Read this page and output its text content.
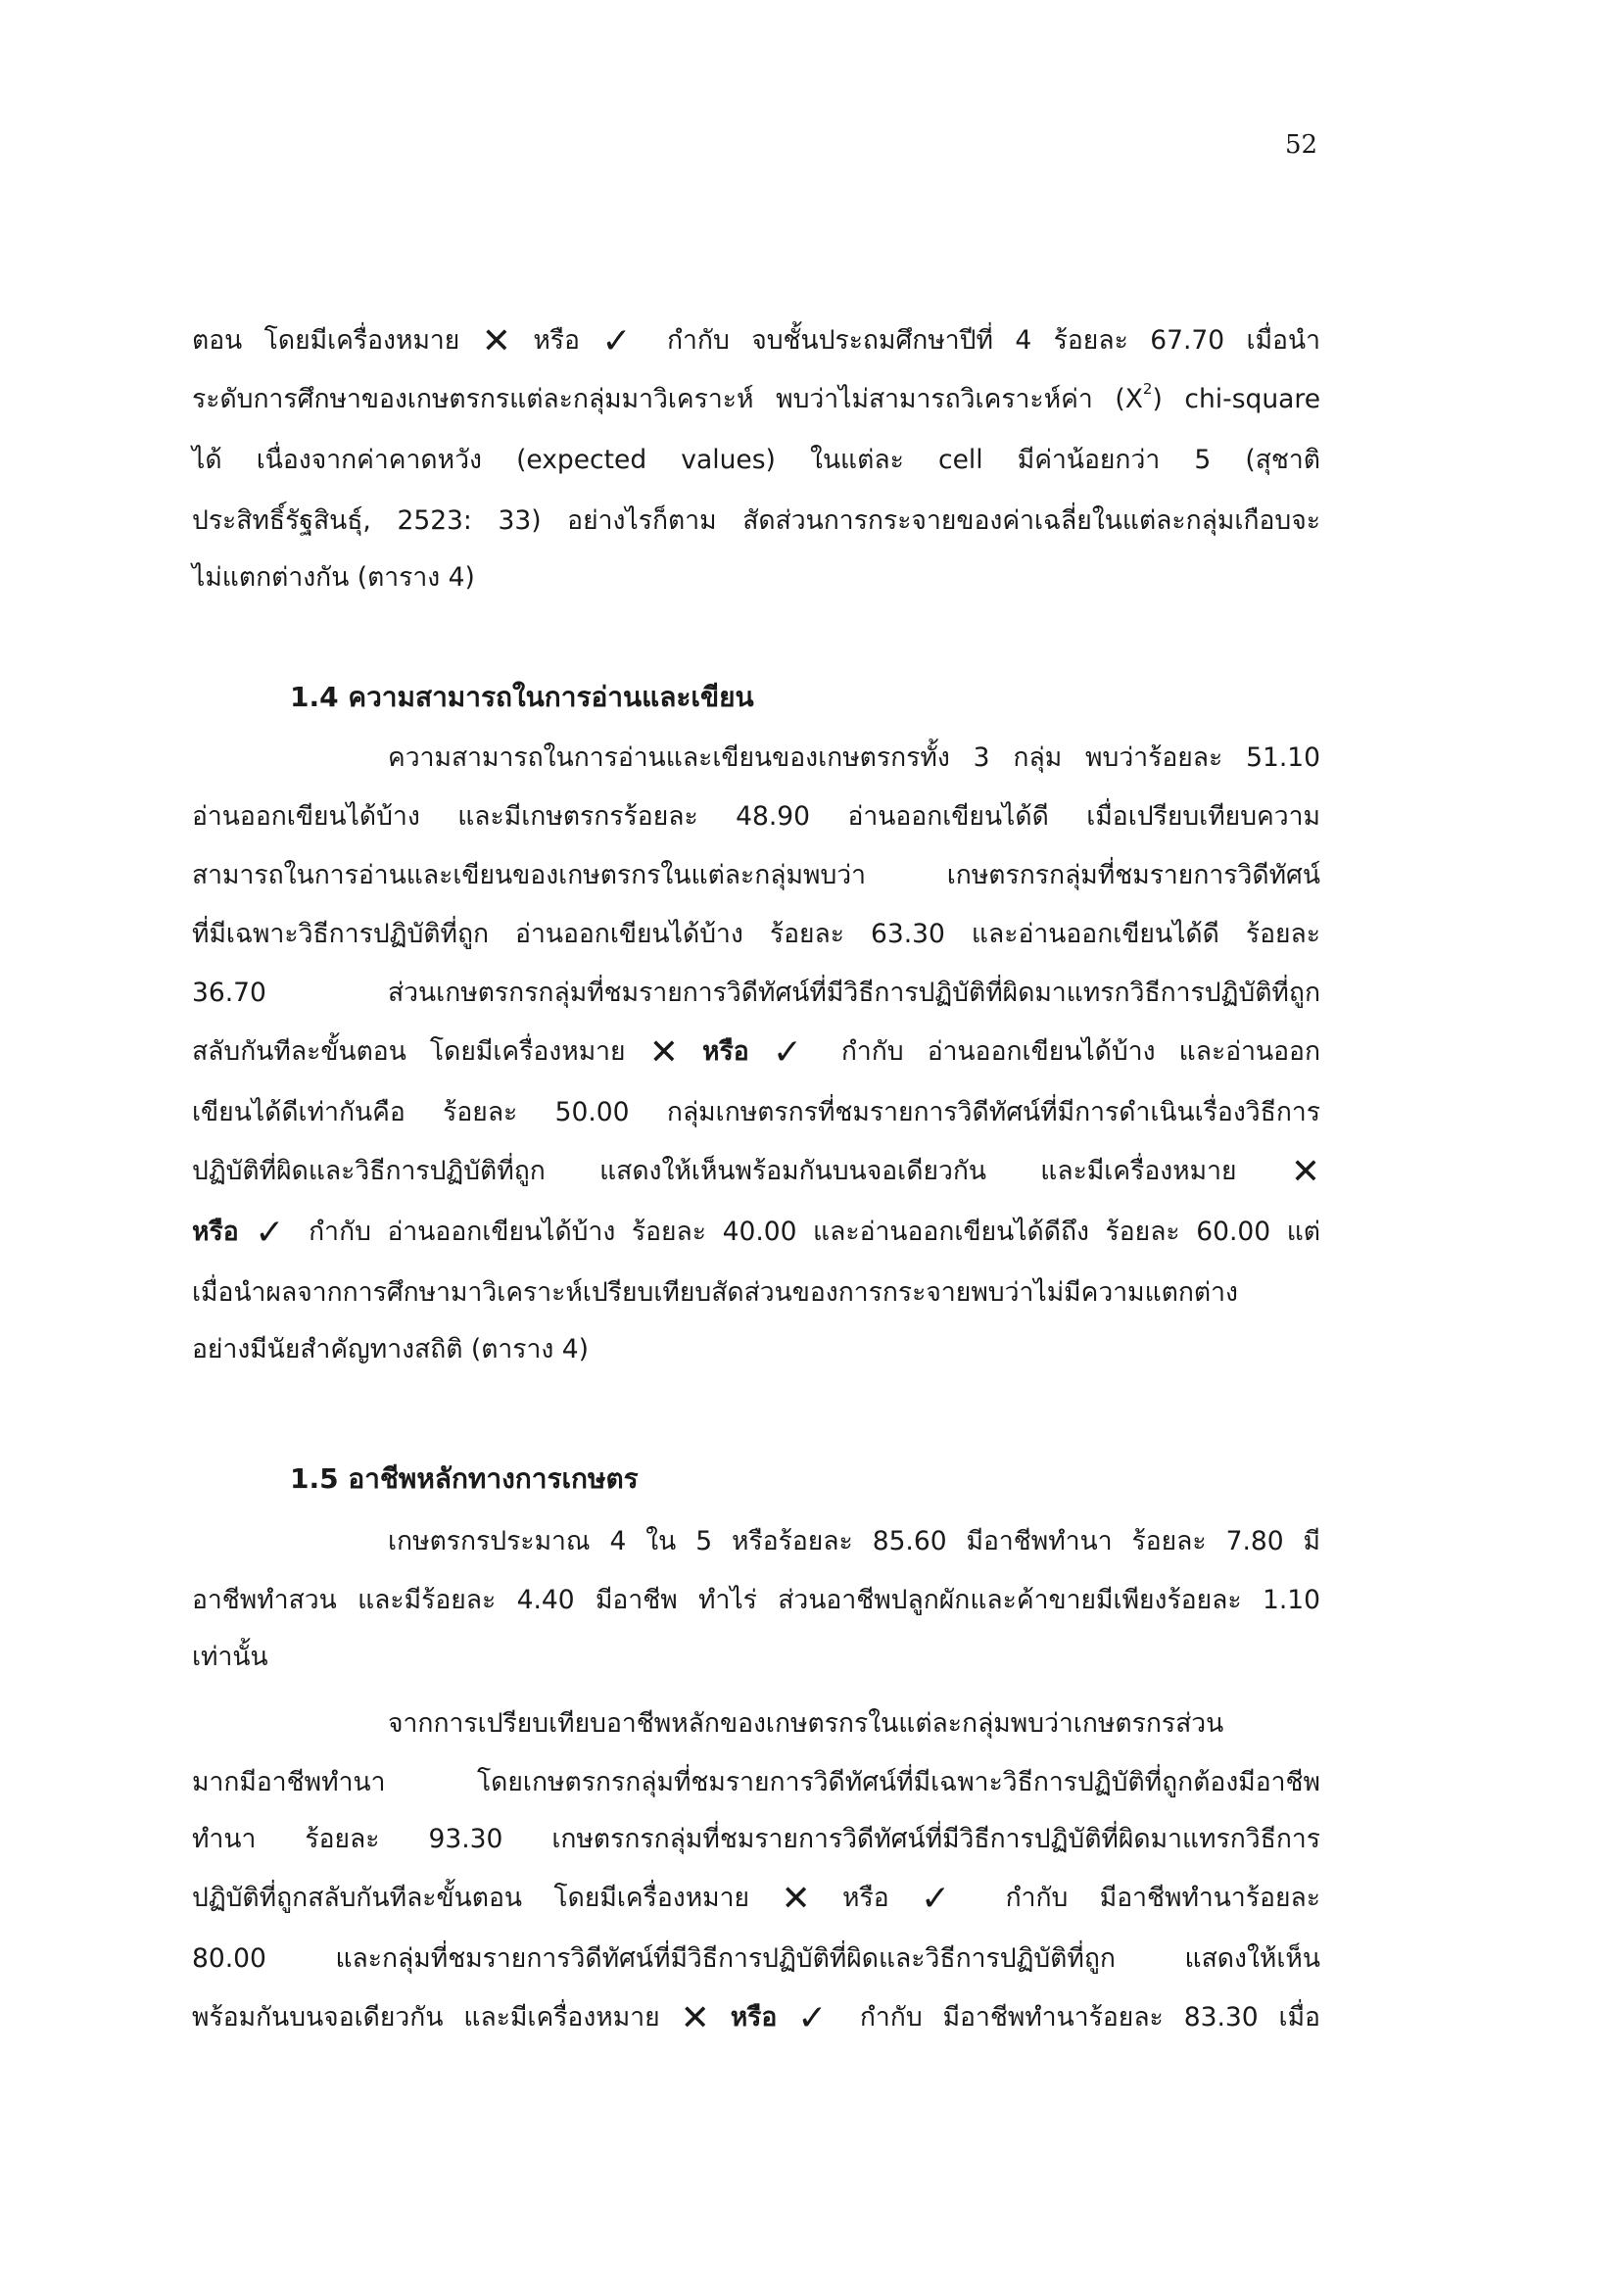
52
ตอน โดยมีเครื่องหมาย ✕ หรือ ✓ กำกับ จบชั้นประถมศึกษาปีที่ 4 ร้อยละ 67.70 เมื่อนำ
ระดับการศึกษาของเกษตรกรแต่ละกลุ่มมาวิเคราะห์ พบว่าไม่สามารถวิเคราะห์ค่า $(X^2)$ chi-square
ได้ เนื่องจากค่าคาดหวัง (expected values) ในแต่ละ cell มีค่าน้อยกว่า 5 (สุชาติ
ประสิทธิ์รัฐสินธุ์, 2523: 33) อย่างไรก็ตาม สัดส่วนการกระจายของค่าเฉลี่ยในแต่ละกลุ่มเกือบจะ
ไม่แตกต่างกัน (ตาราง 4)
1.4 ความสามารถในการอ่านและเขียน
ความสามารถในการอ่านและเขียนของเกษตรกรทั้ง 3 กลุ่ม พบว่าร้อยละ 51.10
อ่านออกเขียนได้บ้าง และมีเกษตรกรร้อยละ 48.90 อ่านออกเขียนได้ดี เมื่อเปรียบเทียบความ
สามารถในการอ่านและเขียนของเกษตรกรในแต่ละกลุ่มพบว่า เกษตรกรกลุ่มที่ชมรายการวิดีทัศน์
ที่มีเฉพาะวิธีการปฏิบัติที่ถูก อ่านออกเขียนได้บ้าง ร้อยละ 63.30 และอ่านออกเขียนได้ดี ร้อยละ
36.70 ส่วนเกษตรกรกลุ่มที่ชมรายการวิดีทัศน์ที่มีวิธีการปฏิบัติที่ผิดมาแทรกวิธีการปฏิบัติที่ถูก
สลับกันทีละขั้นตอน โดยมีเครื่องหมาย ✕ หรือ ✓ กำกับ อ่านออกเขียนได้บ้าง และอ่านออก
เขียนได้ดีเท่ากันคือ ร้อยละ 50.00 กลุ่มเกษตรกรที่ชมรายการวิดีทัศน์ที่มีการดำเนินเรื่องวิธีการ
ปฏิบัติที่ผิดและวิธีการปฏิบัติที่ถูก แสดงให้เห็นพร้อมกันบนจอเดียวกัน และมีเครื่องหมาย ✕
หรือ ✓ กำกับ อ่านออกเขียนได้บ้าง ร้อยละ 40.00 และอ่านออกเขียนได้ดีถึง ร้อยละ 60.00 แต่
เมื่อนำผลจากการศึกษามาวิเคราะห์เปรียบเทียบสัดส่วนของการกระจายพบว่าไม่มีความแตกต่าง
อย่างมีนัยสำคัญทางสถิติ (ตาราง 4)
1.5 อาชีพหลักทางการเกษตร
เกษตรกรประมาณ 4 ใน 5 หรือร้อยละ 85.60 มีอาชีพทำนา ร้อยละ 7.80 มี
อาชีพทำสวน และมีร้อยละ 4.40 มีอาชีพ ทำไร่ ส่วนอาชีพปลูกผักและค้าขายมีเพียงร้อยละ 1.10
เท่านั้น
จากการเปรียบเทียบอาชีพหลักของเกษตรกรในแต่ละกลุ่มพบว่าเกษตรกรส่วน
มากมีอาชีพทำนา โดยเกษตรกรกลุ่มที่ชมรายการวิดีทัศน์ที่มีเฉพาะวิธีการปฏิบัติที่ถูกต้องมีอาชีพ
ทำนา ร้อยละ 93.30 เกษตรกรกลุ่มที่ชมรายการวิดีทัศน์ที่มีวิธีการปฏิบัติที่ผิดมาแทรกวิธีการ
ปฏิบัติที่ถูกสลับกันทีละขั้นตอน โดยมีเครื่องหมาย ✕ หรือ ✓ กำกับ มีอาชีพทำนาร้อยละ
80.00 และกลุ่มที่ชมรายการวิดีทัศน์ที่มีวิธีการปฏิบัติที่ผิดและวิธีการปฏิบัติที่ถูก แสดงให้เห็น
พร้อมกันบนจอเดียวกัน และมีเครื่องหมาย ✕ หรือ ✓ กำกับ มีอาชีพทำนาร้อยละ 83.30 เมื่อ
